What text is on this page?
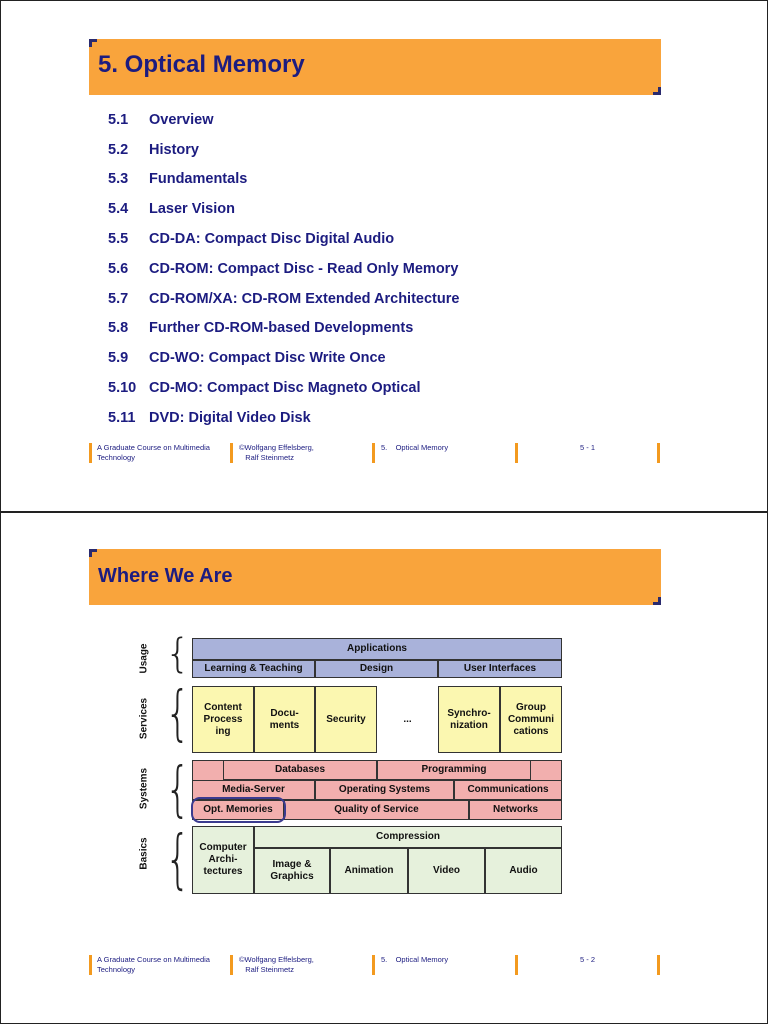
5. Optical Memory
5.1	Overview
5.2	History
5.3	Fundamentals
5.4	Laser Vision
5.5	CD-DA: Compact Disc Digital Audio
5.6	CD-ROM: Compact Disc - Read Only Memory
5.7	CD-ROM/XA: CD-ROM Extended Architecture
5.8	Further CD-ROM-based Developments
5.9	CD-WO: Compact Disc Write Once
5.10 CD-MO: Compact Disc Magneto Optical
5.11 DVD: Digital Video Disk
A Graduate Course on Multimedia
Technology
©Wolfgang Effelsberg,
Ralf Steinmetz
5.    Optical Memory	5 - 1
Where We Are
Usage
Services
Systems
Basics
{
{
{
{
Applications
Learning & Teaching	Design	User Interfaces
Content
Process
ing
Docu-
ments
Security	...
Synchro-
nization
Group
Communi
cations
Databases	Programming
Media-Server	Operating Systems	Communications
Opt. Memories	Quality of Service	Networks
Computer
Archi-
tectures
Compression
Image &
Graphics
Animation	Video	Audio
A Graduate Course on Multimedia
Technology
©Wolfgang Effelsberg,
Ralf Steinmetz
5.    Optical Memory	5 - 2
